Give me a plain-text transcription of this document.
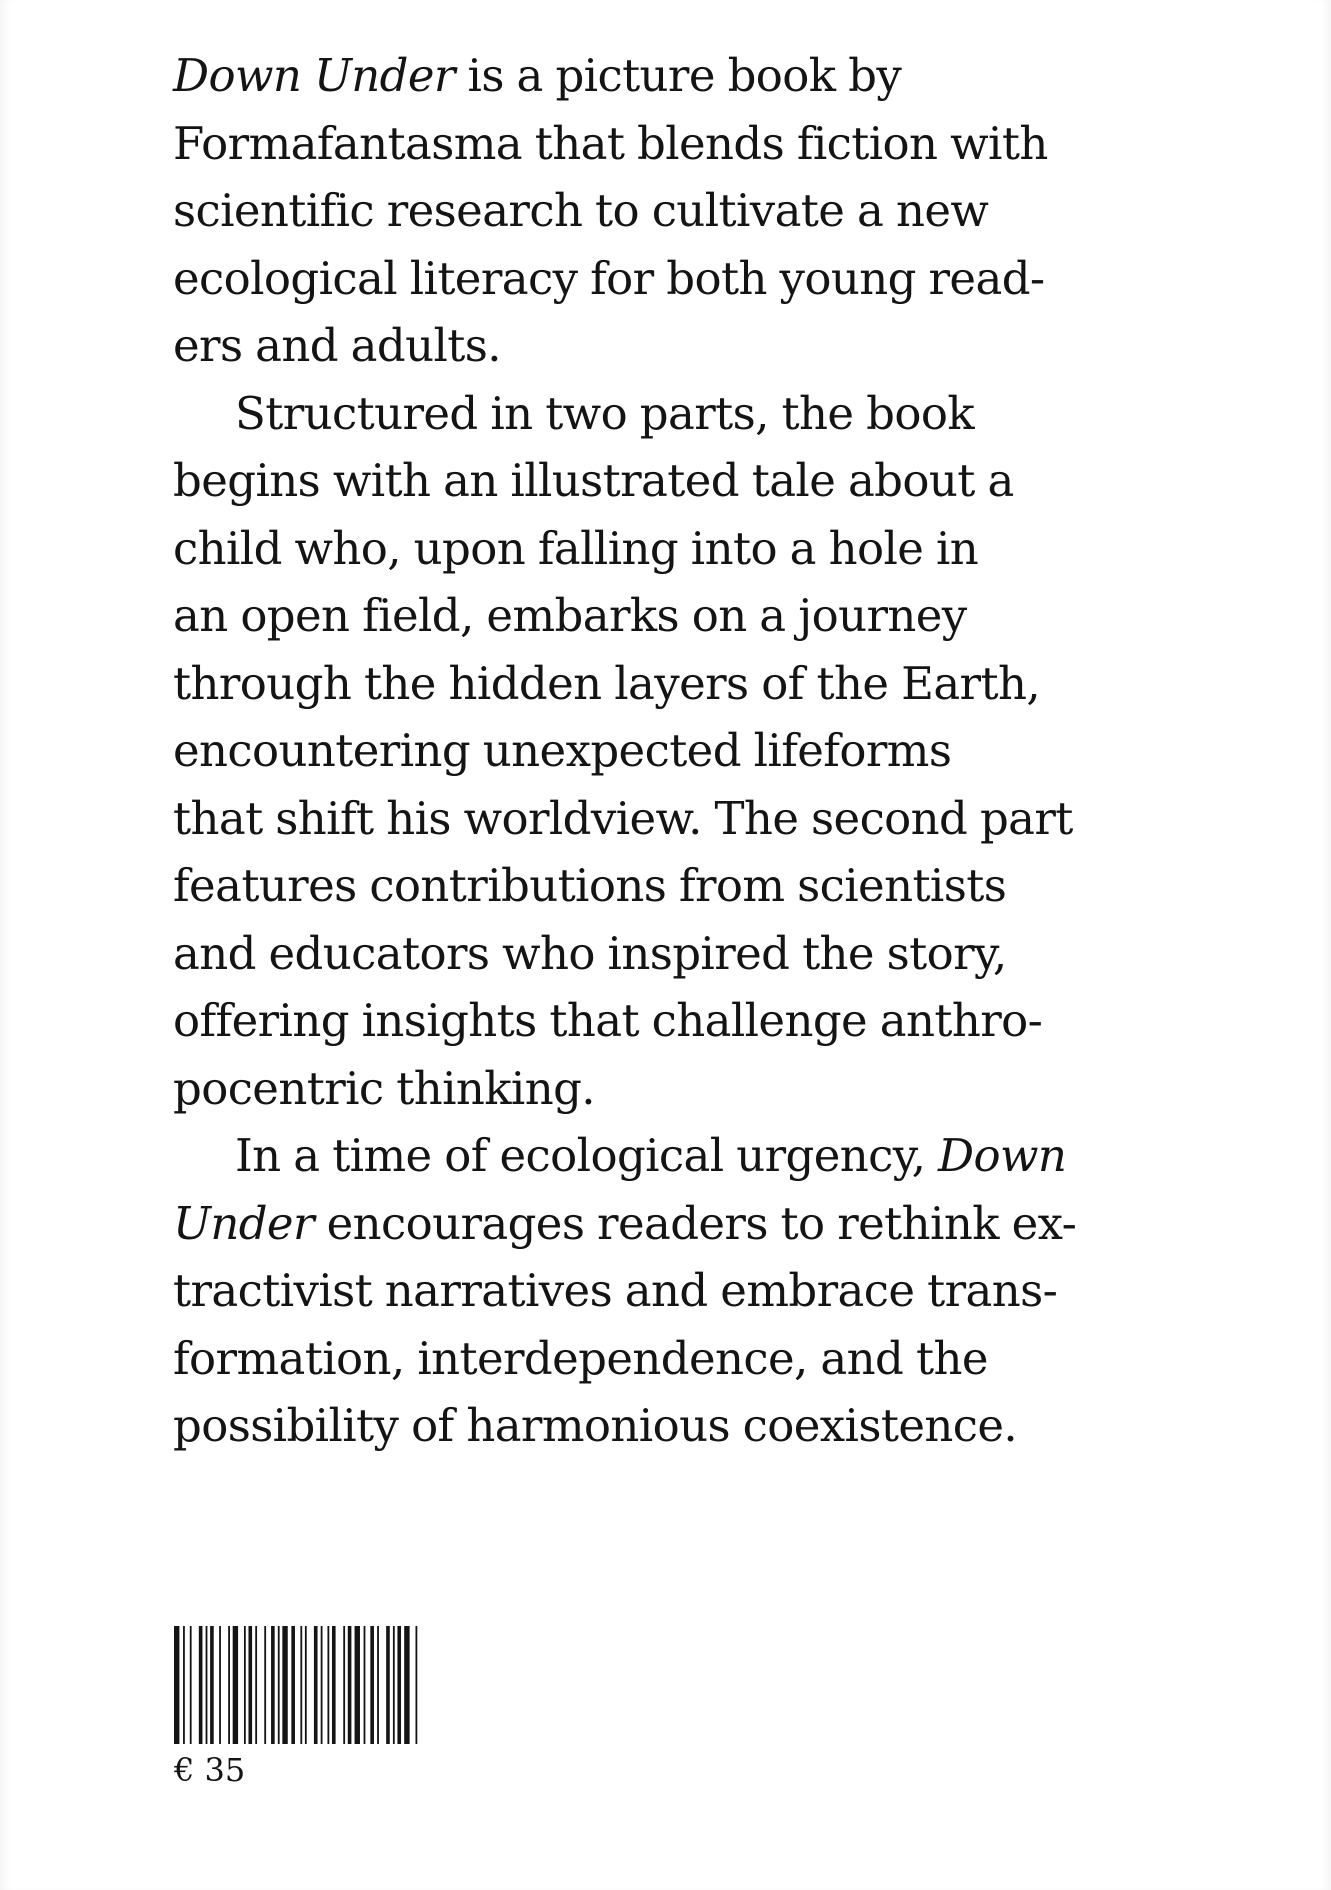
Down Under is a picture book by
Formafantasma that blends fiction with
scientific research to cultivate a new
ecological literacy for both young read-
ers and adults.
Structured in two parts, the book
begins with an illustrated tale about a
child who, upon falling into a hole in
an open field, embarks on a journey
through the hidden layers of the Earth,
encountering unexpected lifeforms
that shift his worldview. The second part
features contributions from scientists
and educators who inspired the story,
offering insights that challenge anthro-
pocentric thinking.
In a time of ecological urgency, Down
Under encourages readers to rethink ex-
tractivist narratives and embrace trans-
formation, interdependence, and the
possibility of harmonious coexistence.
€ 35
